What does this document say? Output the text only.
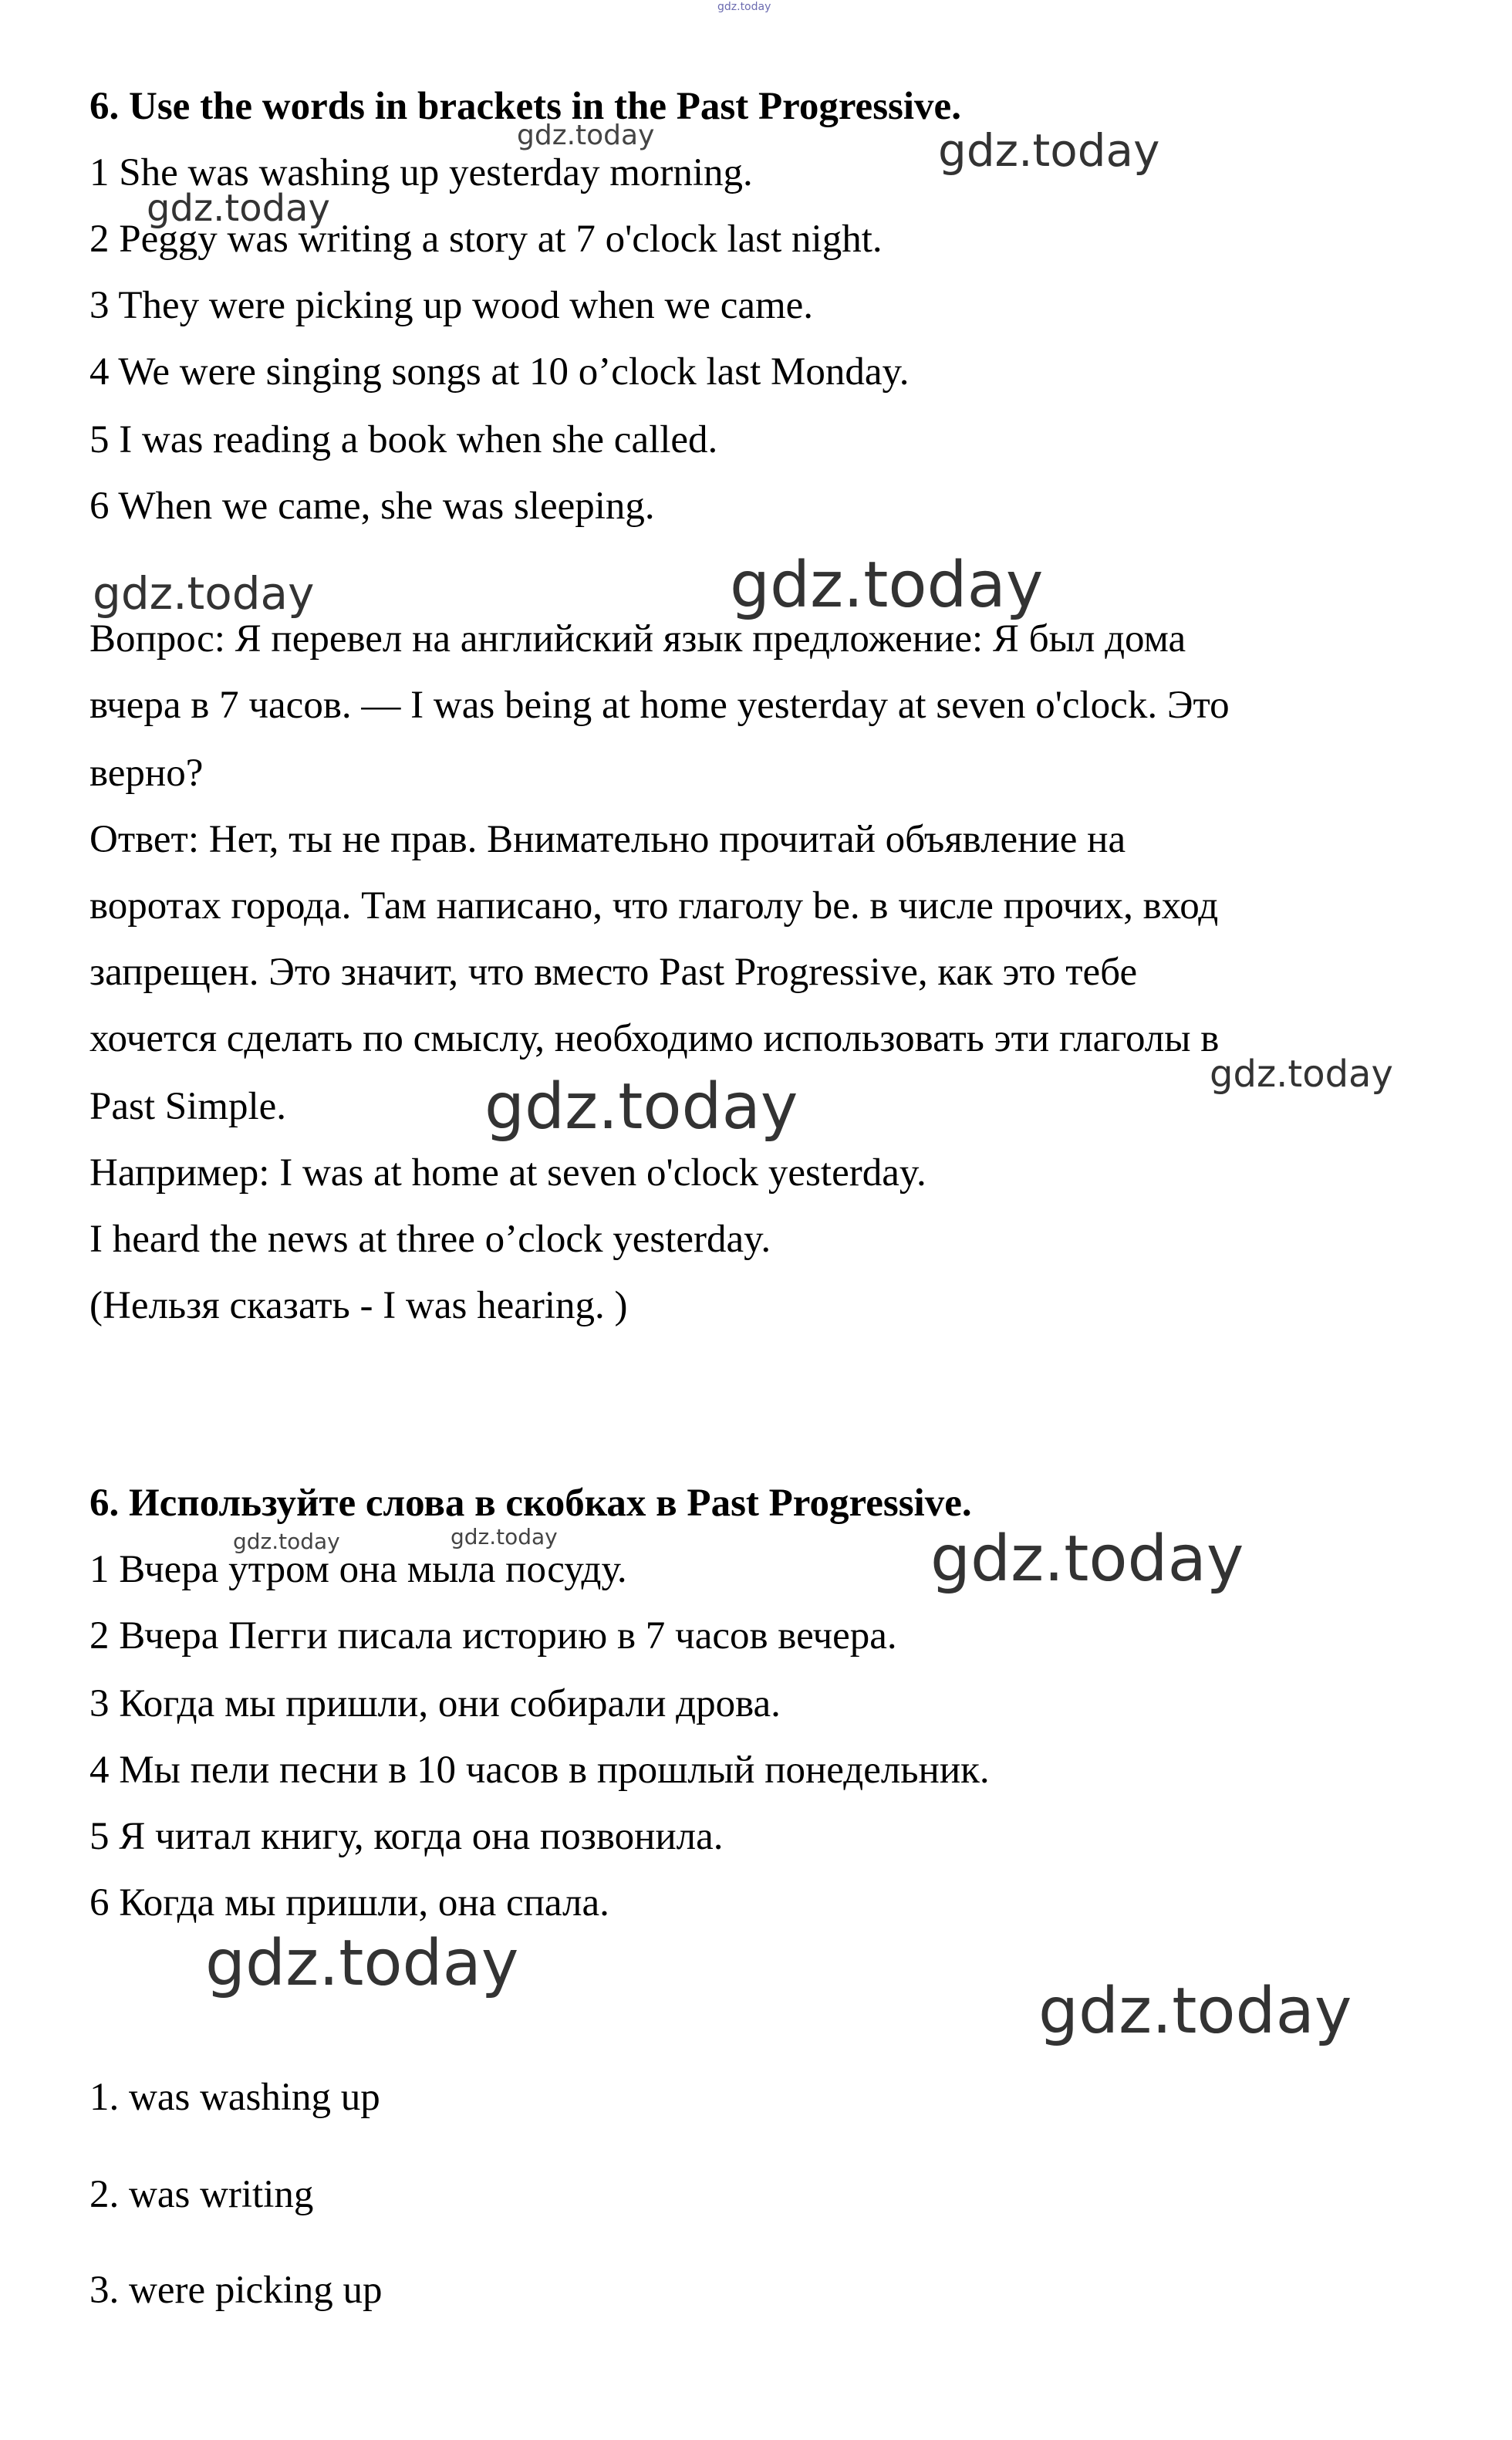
gdz.today
gdz.today	gdz.today
gdz.today
gdz.today	gdz.today
gdz.today
gdz.today
gdz.today	gdz.today	gdz.today
gdz.today
gdz.today
6. Use the words in brackets in the Past Progressive.
1 She was washing up yesterday morning.
2 Peggy was writing a story at 7 o'clock last night.
3 They were picking up wood when we came.
4 We were singing songs at 10 o’clock last Monday.
5 I was reading a book when she called.
6 When we came, she was sleeping.
Вопрос: Я перевел на английский язык предложение: Я был дома
вчера в 7 часов. — I was being at home yesterday at seven o'clock. Это
верно?
Ответ: Нет, ты не прав. Внимательно прочитай объявление на
воротах города. Там написано, что глаголу be. в числе прочих, вход
запрещен. Это значит, что вместо Past Progressive, как это тебе
хочется сделать по смыслу, необходимо использовать эти глаголы в
Past Simple.
Например: I was at home at seven o'clock yesterday.
I heard the news at three o’clock yesterday.
(Нельзя сказать - I was hearing. )
6. Используйте слова в скобках в Past Progressive.
1 Вчера утром она мыла посуду.
2 Вчера Пегги писала историю в 7 часов вечера.
3 Когда мы пришли, они собирали дрова.
4 Мы пели песни в 10 часов в прошлый понедельник.
5 Я читал книгу, когда она позвонила.
6 Когда мы пришли, она спала.
1. was washing up
2. was writing
3. were picking up
